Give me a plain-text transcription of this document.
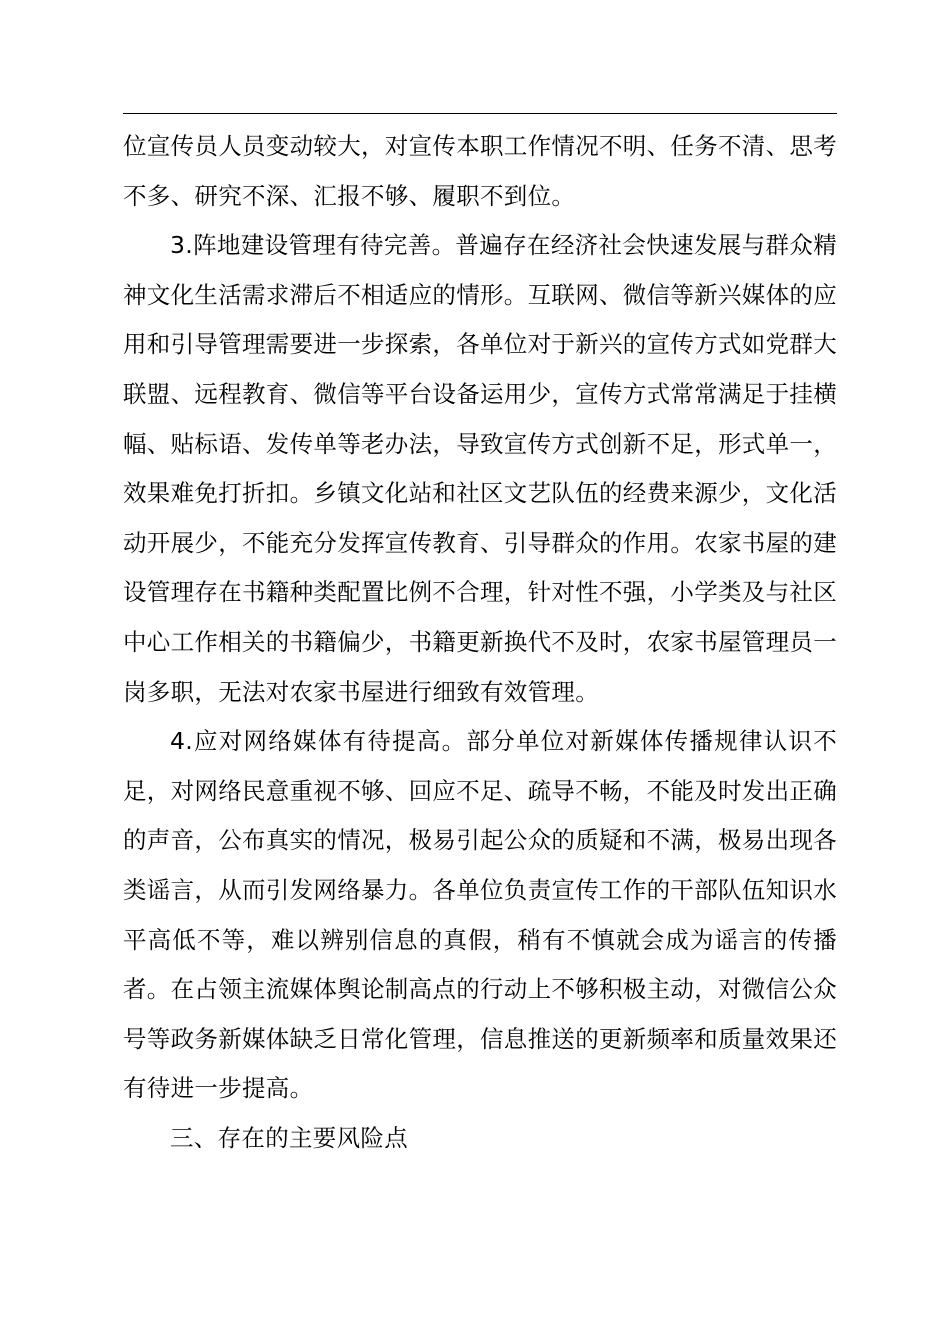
位宣传员人员变动较大，对宣传本职工作情况不明、任务不清、思考不多、研究不深、汇报不够、履职不到位。

3.阵地建设管理有待完善。普遍存在经济社会快速发展与群众精神文化生活需求滞后不相适应的情形。互联网、微信等新兴媒体的应用和引导管理需要进一步探索，各单位对于新兴的宣传方式如党群大联盟、远程教育、微信等平台设备运用少，宣传方式常常满足于挂横幅、贴标语、发传单等老办法，导致宣传方式创新不足，形式单一，效果难免打折扣。乡镇文化站和社区文艺队伍的经费来源少，文化活动开展少，不能充分发挥宣传教育、引导群众的作用。农家书屋的建设管理存在书籍种类配置比例不合理，针对性不强，小学类及与社区中心工作相关的书籍偏少，书籍更新换代不及时，农家书屋管理员一岗多职，无法对农家书屋进行细致有效管理。

4.应对网络媒体有待提高。部分单位对新媒体传播规律认识不足，对网络民意重视不够、回应不足、疏导不畅，不能及时发出正确的声音，公布真实的情况，极易引起公众的质疑和不满，极易出现各类谣言，从而引发网络暴力。各单位负责宣传工作的干部队伍知识水平高低不等，难以辨别信息的真假，稍有不慎就会成为谣言的传播者。在占领主流媒体舆论制高点的行动上不够积极主动，对微信公众号等政务新媒体缺乏日常化管理，信息推送的更新频率和质量效果还有待进一步提高。

三、存在的主要风险点
